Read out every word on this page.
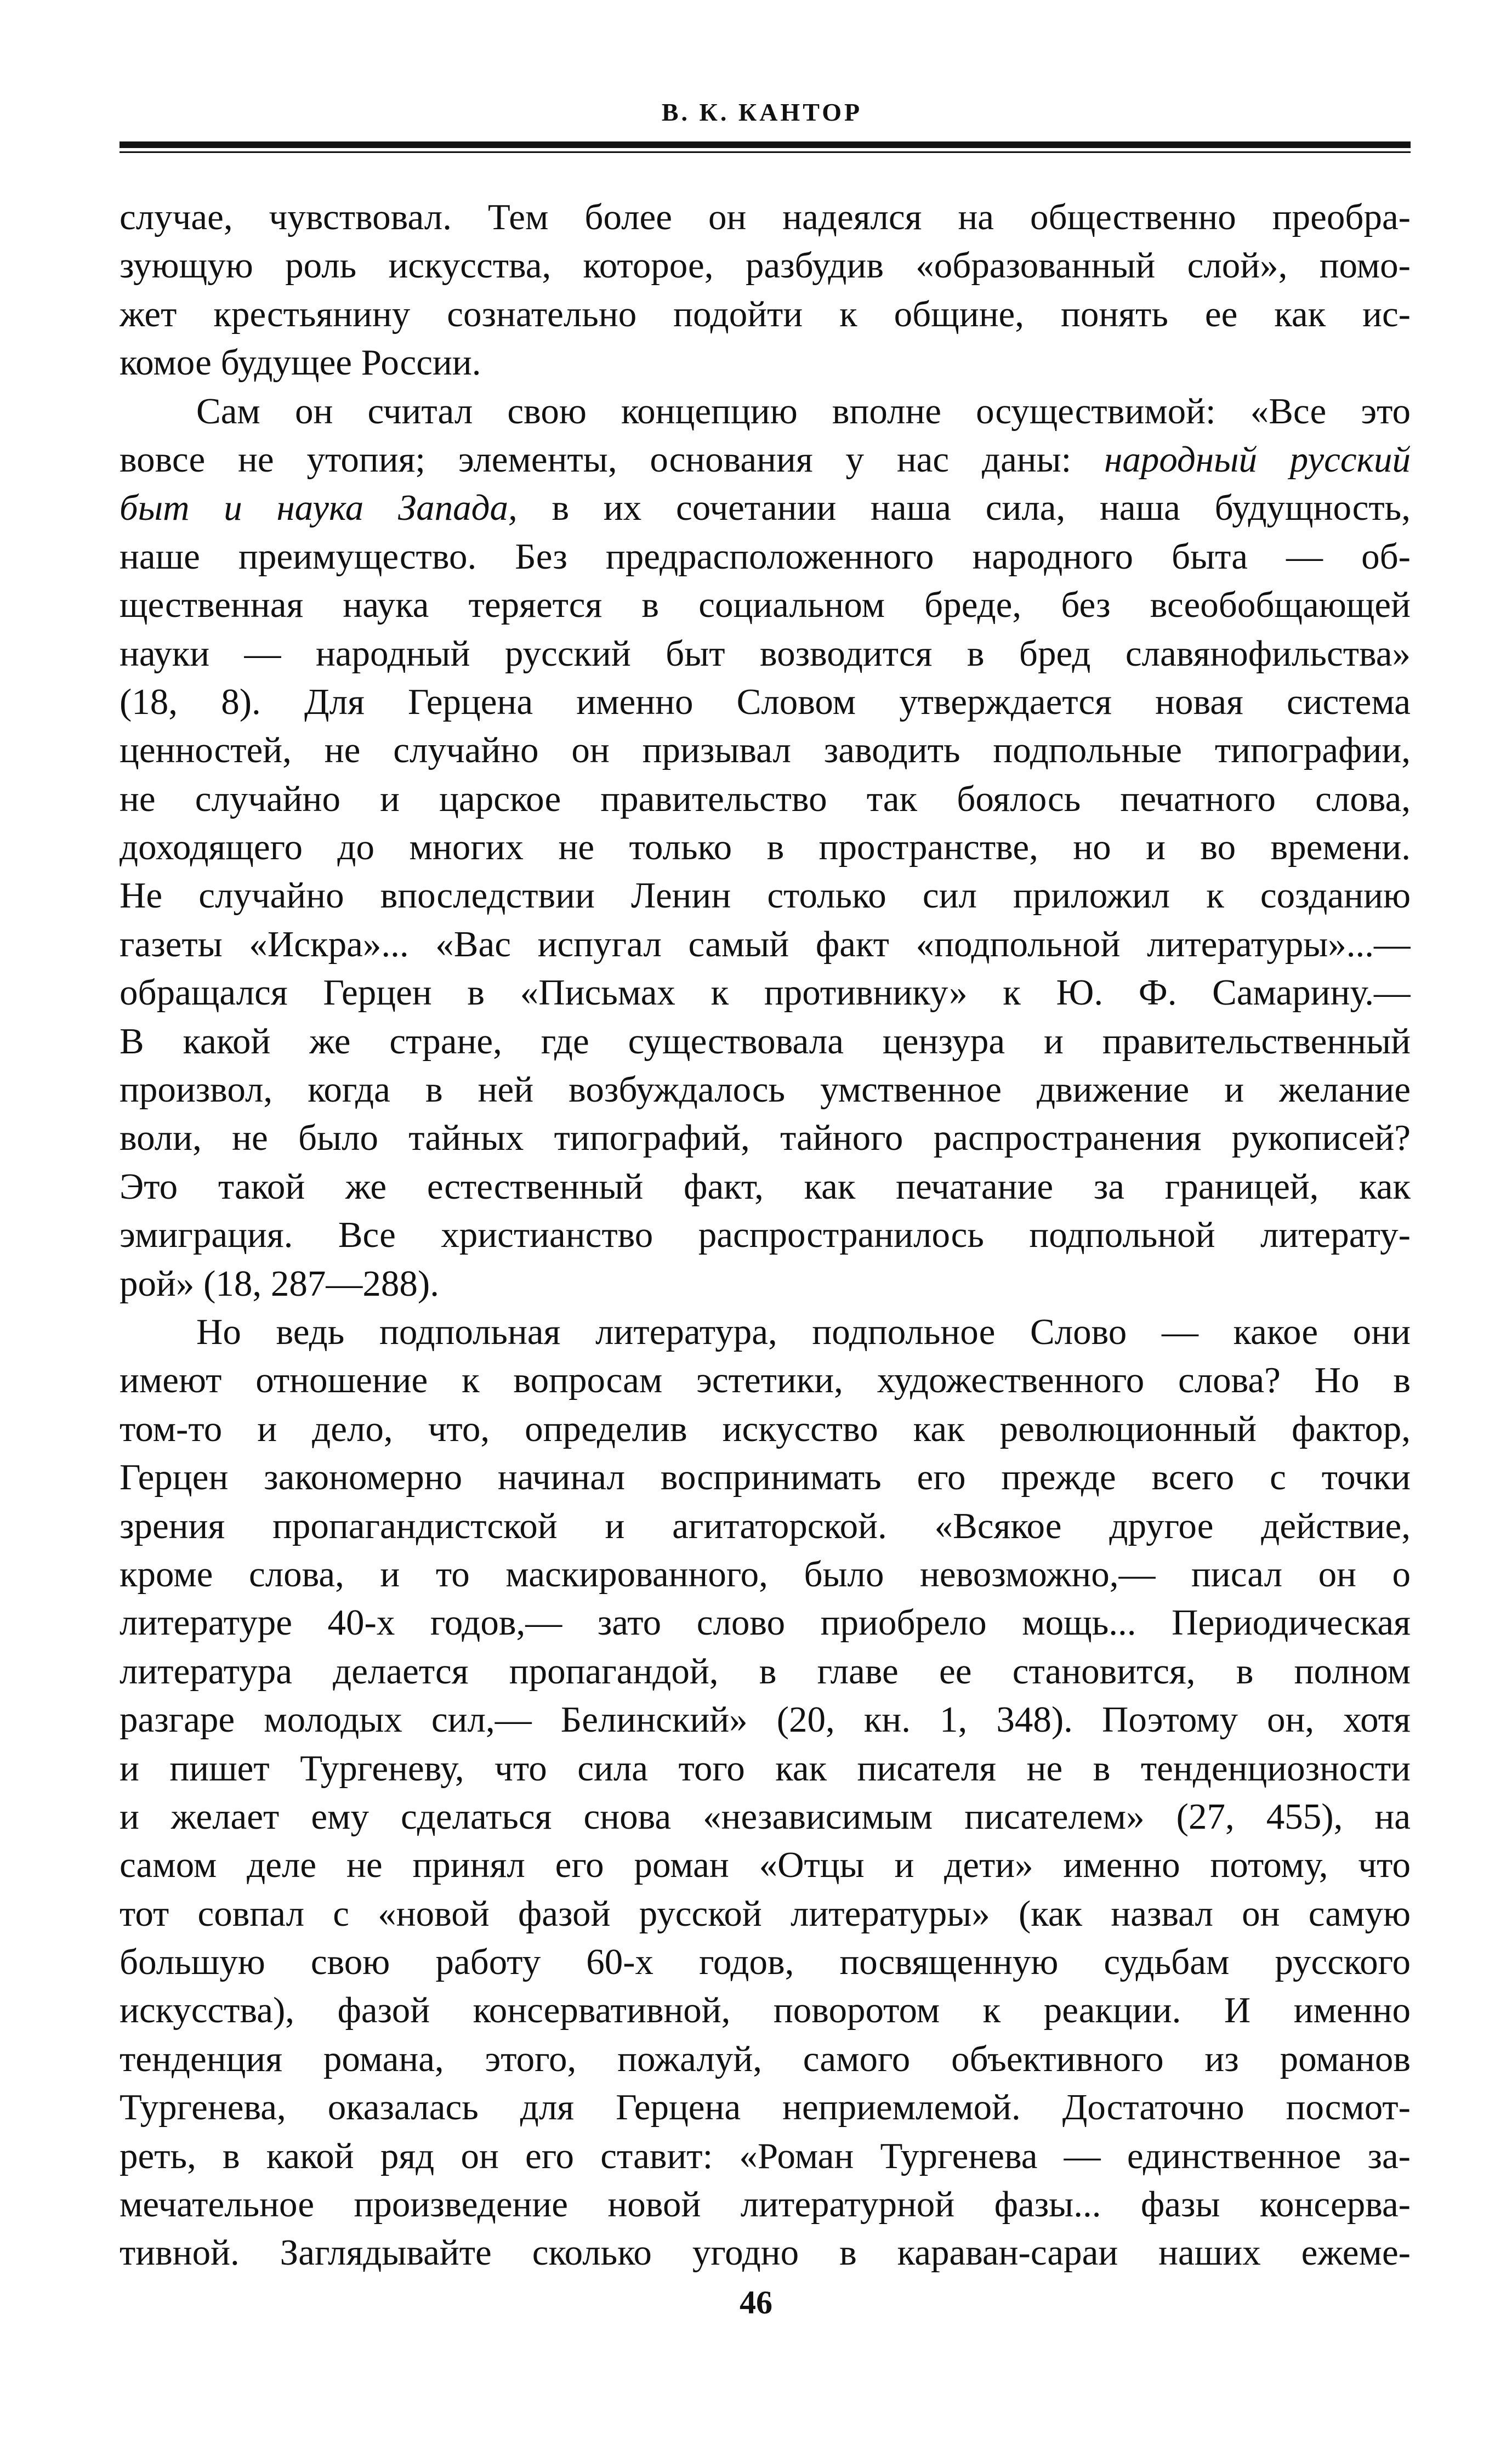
В. К. КАНТОР
случае, чувствовал. Тем более он надеялся на общественно преобра-
зующую роль искусства, которое, разбудив «образованный слой», помо-
жет крестьянину сознательно подойти к общине, понять ее как ис-
комое будущее России.
Сам он считал свою концепцию вполне осуществимой: «Все это
вовсе не утопия; элементы, основания у нас даны: народный русский
быт и наука Запада, в их сочетании наша сила, наша будущность,
наше преимущество. Без предрасположенного народного быта — об-
щественная наука теряется в социальном бреде, без всеобобщающей
науки — народный русский быт возводится в бред славянофильства»
(18, 8). Для Герцена именно Словом утверждается новая система
ценностей, не случайно он призывал заводить подпольные типографии,
не случайно и царское правительство так боялось печатного слова,
доходящего до многих не только в пространстве, но и во времени.
Не случайно впоследствии Ленин столько сил приложил к созданию
газеты «Искра»... «Вас испугал самый факт «подпольной литературы»...—
обращался Герцен в «Письмах к противнику» к Ю. Ф. Самарину.—
В какой же стране, где существовала цензура и правительственный
произвол, когда в ней возбуждалось умственное движение и желание
воли, не было тайных типографий, тайного распространения рукописей?
Это такой же естественный факт, как печатание за границей, как
эмиграция. Все христианство распространилось подпольной литерату-
рой» (18, 287—288).
Но ведь подпольная литература, подпольное Слово — какое они
имеют отношение к вопросам эстетики, художественного слова? Но в
том-то и дело, что, определив искусство как революционный фактор,
Герцен закономерно начинал воспринимать его прежде всего с точки
зрения пропагандистской и агитаторской. «Всякое другое действие,
кроме слова, и то маскированного, было невозможно,— писал он о
литературе 40-х годов,— зато слово приобрело мощь... Периодическая
литература делается пропагандой, в главе ее становится, в полном
разгаре молодых сил,— Белинский» (20, кн. 1, 348). Поэтому он, хотя
и пишет Тургеневу, что сила того как писателя не в тенденциозности
и желает ему сделаться снова «независимым писателем» (27, 455), на
самом деле не принял его роман «Отцы и дети» именно потому, что
тот совпал с «новой фазой русской литературы» (как назвал он самую
большую свою работу 60-х годов, посвященную судьбам русского
искусства), фазой консервативной, поворотом к реакции. И именно
тенденция романа, этого, пожалуй, самого объективного из романов
Тургенева, оказалась для Герцена неприемлемой. Достаточно посмот-
реть, в какой ряд он его ставит: «Роман Тургенева — единственное за-
мечательное произведение новой литературной фазы... фазы консерва-
тивной. Заглядывайте сколько угодно в караван-сараи наших ежеме-
46
